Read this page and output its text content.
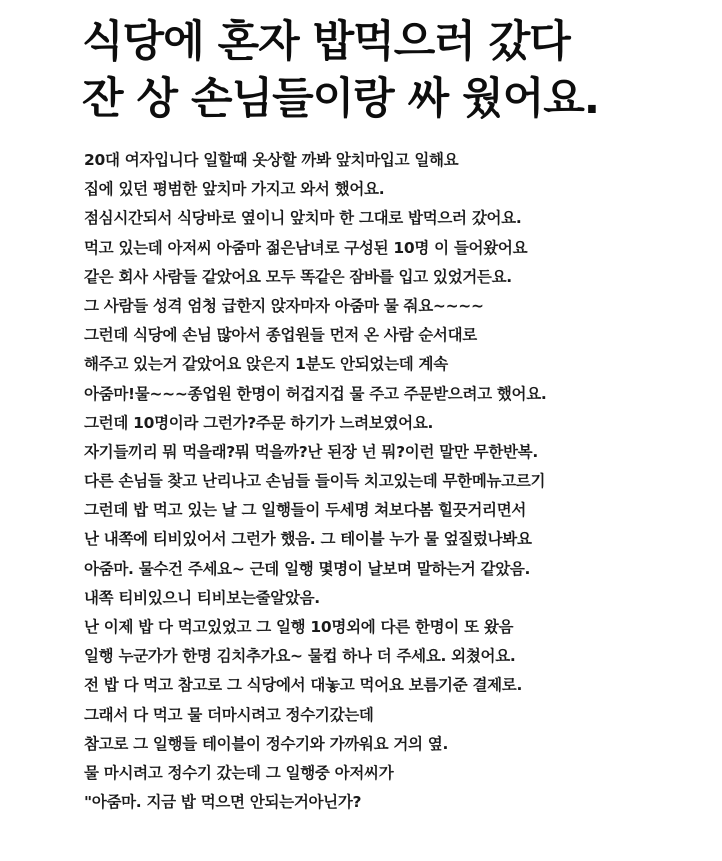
식당에 혼자 밥먹으러 갔다
잔 상 손님들이랑 싸 웠어요.
20대 여자입니다 일할때 옷상할 까봐 앞치마입고 일해요
집에 있던 평범한 앞치마 가지고 와서 했어요.
점심시간되서 식당바로 옆이니 앞치마 한 그대로 밥먹으러 갔어요.
먹고 있는데 아저씨 아줌마 젊은남녀로 구성된 10명 이 들어왔어요
같은 회사 사람들 같았어요 모두 똑같은 잠바를 입고 있었거든요.
그 사람들 성격 엄청 급한지 앉자마자 아줌마 물 줘요~~~~
그런데 식당에 손님 많아서 종업원들 먼저 온 사람 순서대로
해주고 있는거 같았어요 앉은지 1분도 안되었는데 계속
아줌마!물~~~종업원 한명이 허겁지겁 물 주고 주문받으려고 했어요.
그런데 10명이라 그런가?주문 하기가 느려보였어요.
자기들끼리 뭐 먹을래?뭐 먹을까?난 된장 넌 뭐?이런 말만 무한반복.
다른 손님들 찾고 난리나고 손님들 들이득 치고있는데 무한메뉴고르기
그런데 밥 먹고 있는 날 그 일행들이 두세명 쳐보다봄 힐끗거리면서
난 내쪽에 티비있어서 그런가 했음. 그 테이블 누가 물 엎질렀나봐요
아줌마. 물수건 주세요~ 근데 일행 몇명이 날보며 말하는거 같았음.
내쪽 티비있으니 티비보는줄알았음.
난 이제 밥 다 먹고있었고 그 일행 10명외에 다른 한명이 또 왔음
일행 누군가가 한명 김치추가요~ 물컵 하나 더 주세요. 외쳤어요.
전 밥 다 먹고 참고로 그 식당에서 대놓고 먹어요 보름기준 결제로.
그래서 다 먹고 물 더마시려고 정수기갔는데
참고로 그 일행들 테이블이 정수기와 가까워요 거의 옆.
물 마시려고 정수기 갔는데 그 일행중 아저씨가
"아줌마. 지금 밥 먹으면 안되는거아닌가?
